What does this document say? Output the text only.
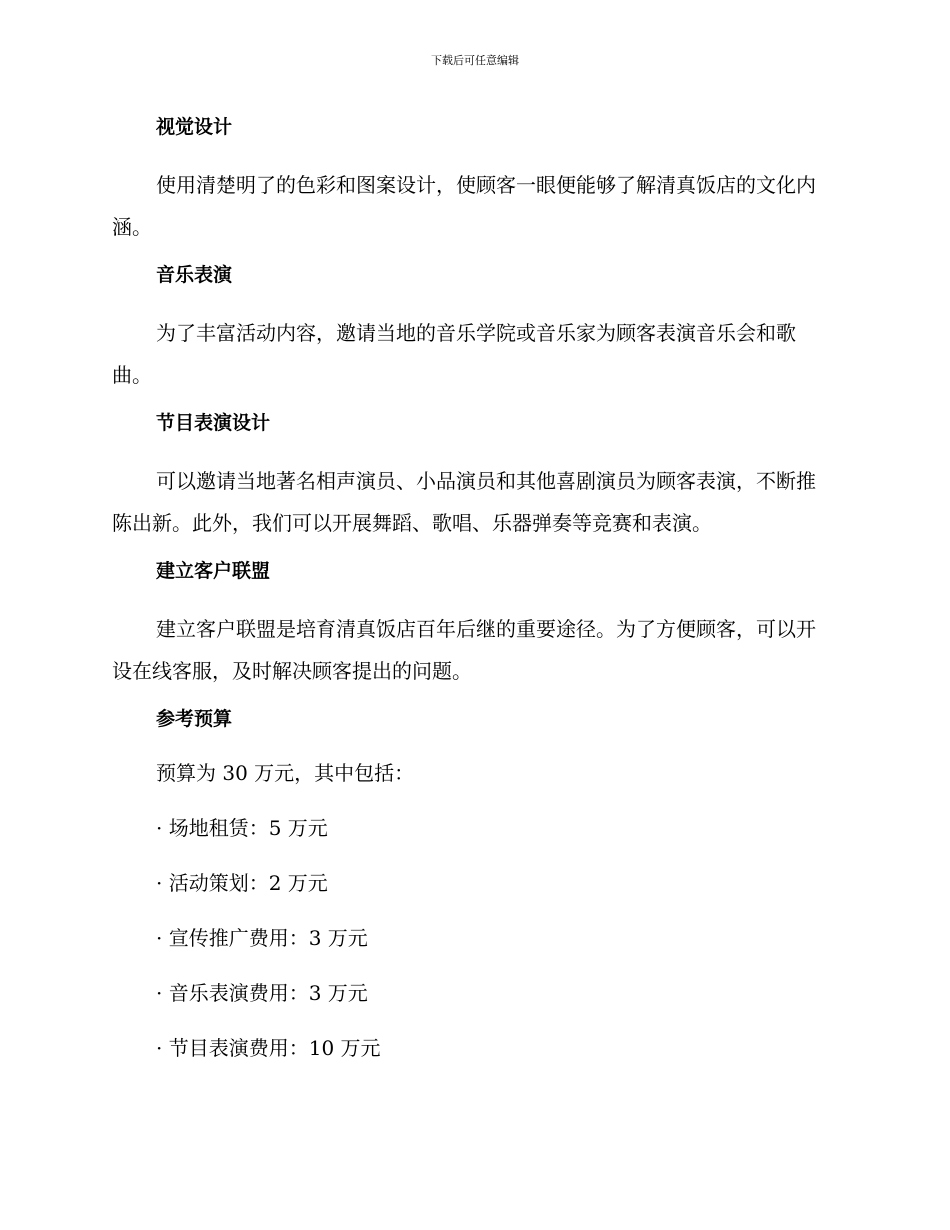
下载后可任意编辑
视觉设计

使用清楚明了的色彩和图案设计，使顾客一眼便能够了解清真饭店的文化内涵。

音乐表演

为了丰富活动内容，邀请当地的音乐学院或音乐家为顾客表演音乐会和歌曲。

节目表演设计

可以邀请当地著名相声演员、小品演员和其他喜剧演员为顾客表演，不断推陈出新。此外，我们可以开展舞蹈、歌唱、乐器弹奏等竞赛和表演。

建立客户联盟

建立客户联盟是培育清真饭店百年后继的重要途径。为了方便顾客，可以开设在线客服，及时解决顾客提出的问题。

参考预算

预算为 30 万元，其中包括：

· 场地租赁：5 万元

· 活动策划：2 万元

· 宣传推广费用：3 万元

· 音乐表演费用：3 万元

· 节目表演费用：10 万元
